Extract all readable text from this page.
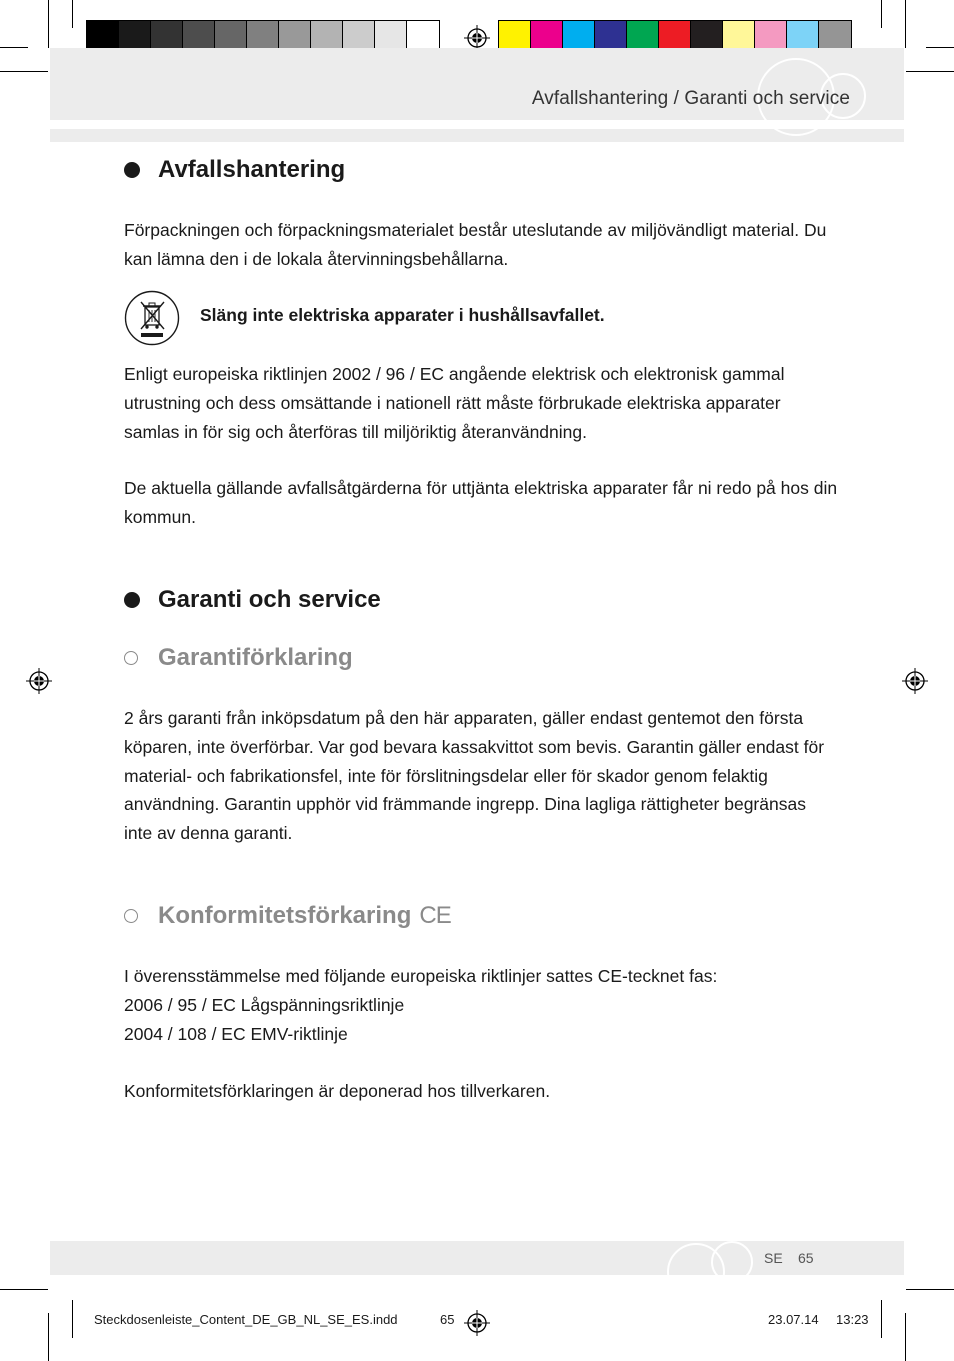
Avfallshantering / Garanti och service
Avfallshantering
Förpackningen och förpackningsmaterialet består uteslutande av miljövändligt material. Du kan lämna den i de lokala återvinningsbehållarna.
Släng inte elektriska apparater i hushållsavfallet.
Enligt europeiska riktlinjen 2002 / 96 / EC angående elektrisk och elektronisk gammal utrustning och dess omsättande i nationell rätt måste förbrukade elektriska apparater samlas in för sig och återföras till miljöriktig återanvändning.
De aktuella gällande avfallsåtgärderna för uttjänta elektriska apparater får ni redo på hos din kommun.
Garanti och service
Garantiförklaring
2 års garanti från inköpsdatum på den här apparaten, gäller endast gentemot den första köparen, inte överförbar. Var god bevara kassakvittot som bevis. Garantin gäller endast för material- och fabrikationsfel, inte för förslitningsdelar eller för skador genom felaktig användning. Garantin upphör vid främmande ingrepp. Dina lagliga rättigheter begränsas inte av denna garanti.
Konformitetsförkaring CE
I överensstämmelse med följande europeiska riktlinjer sattes CE-tecknet fas:
2006 / 95 / EC Lågspänningsriktlinje
2004 / 108 / EC EMV-riktlinje
Konformitetsförklaringen är deponerad hos tillverkaren.
SE 65
Steckdosenleiste_Content_DE_GB_NL_SE_ES.indd	65	23.07.14 13:23
